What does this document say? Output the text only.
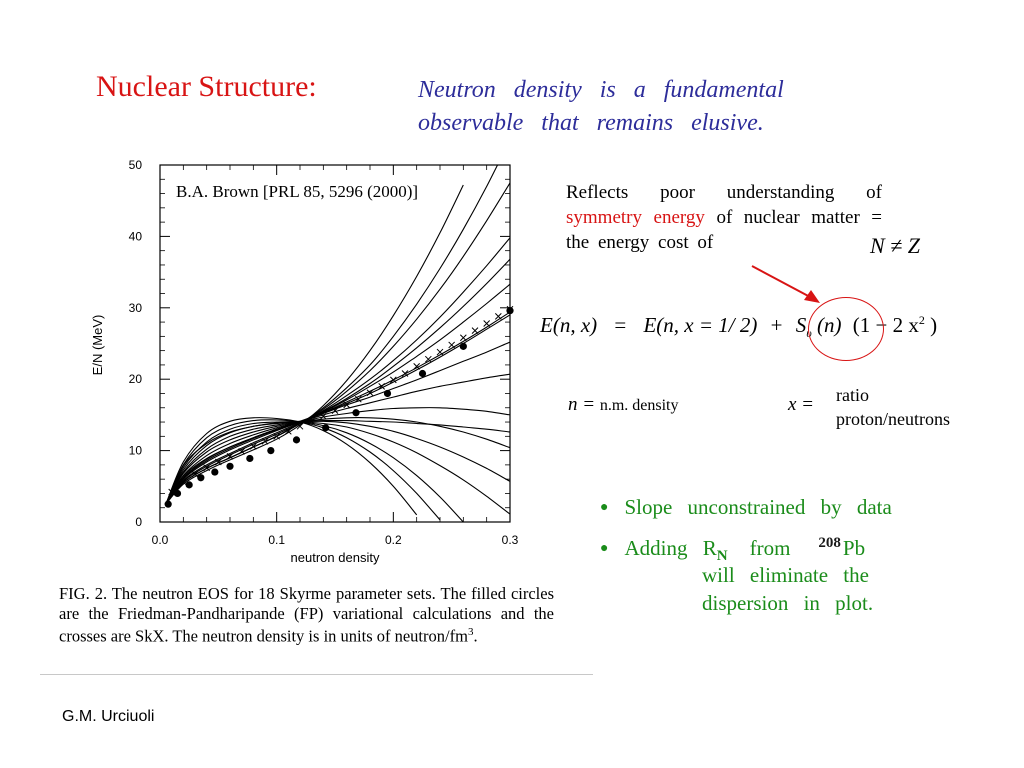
Nuclear Structure:	Neutron density is a fundamental
observable that remains elusive.
0
10
20
30
40
50
0.0	0.1	0.2	0.3
B.A. Brown [PRL 85, 5296 (2000)]
neutron density
E/N (MeV)
FIG. 2. The neutron EOS for 18 Skyrme parameter sets. The filled circles are the Friedman-Pandharipande (FP) variational calculations and the crosses are SkX. The neutron density is in units of neutron/$fm^3$.
G.M. Urciuoli
Reflects poor understanding of symmetry energy of nuclear matter = the energy cost of	N ≠ Z
E(n, x) = E(n, x = 1/ $2) + S_\upsilon$ (n) (1 − 2 $x^2$ )
n = n.m. density	x = ratio
proton/neutrons
● Slope unconstrained by data
● Adding $R_N$ from $^{208}$Pb
will eliminate the
dispersion in plot.
